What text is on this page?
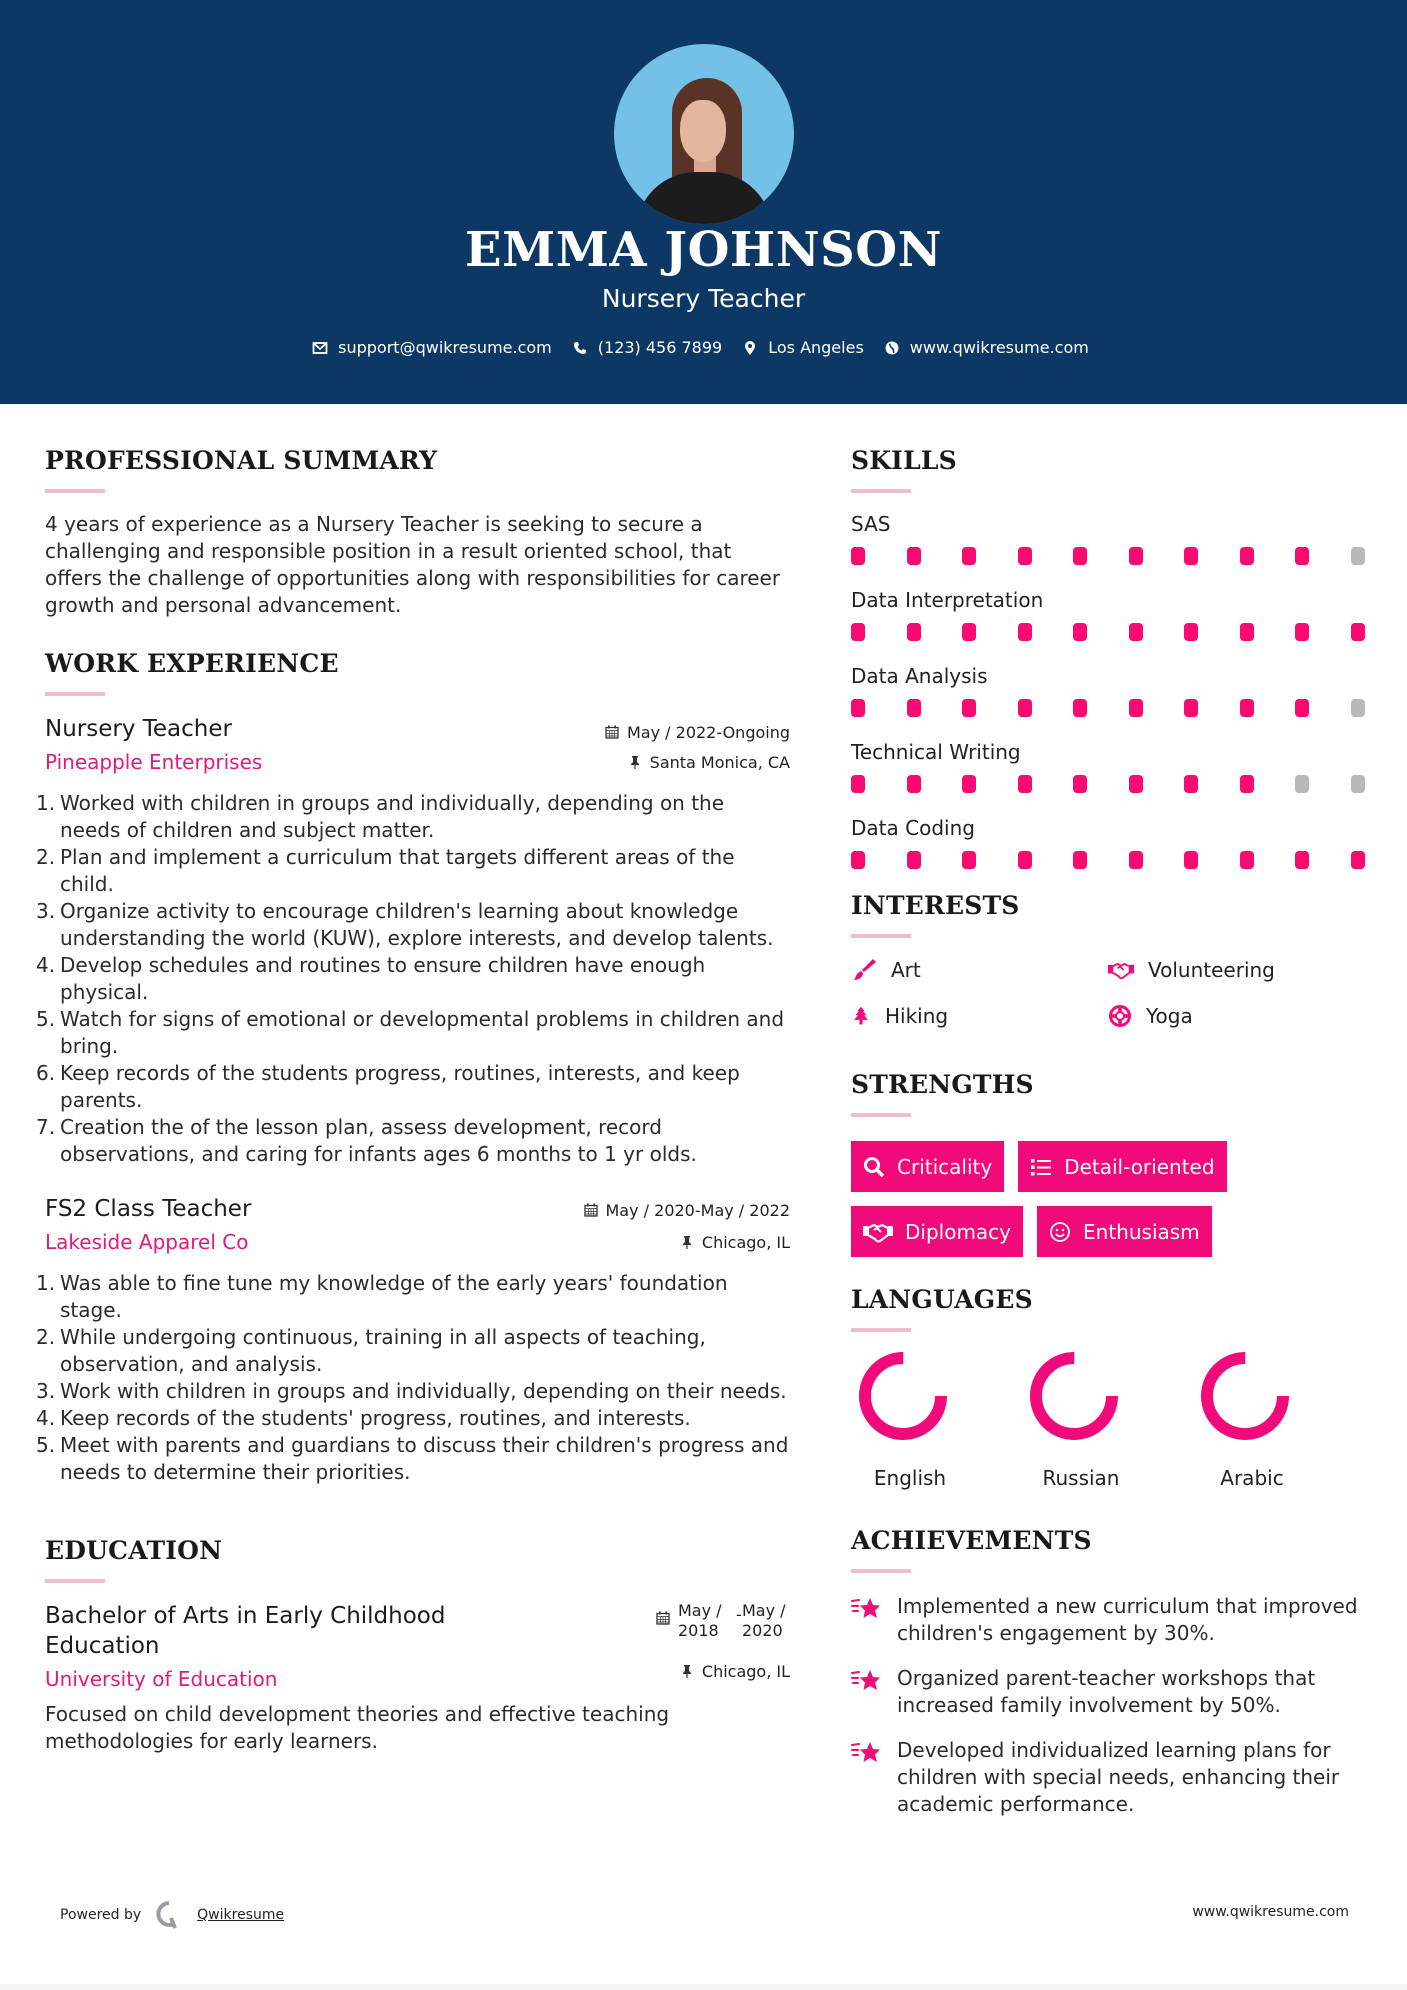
EMMA JOHNSON
Nursery Teacher
support@qwikresume.com	(123) 456 7899	Los Angeles	www.qwikresume.com
PROFESSIONAL SUMMARY

4 years of experience as a Nursery Teacher is seeking to secure a challenging and responsible position in a result oriented school, that offers the challenge of opportunities along with responsibilities for career growth and personal advancement.

WORK EXPERIENCE
Nursery Teacher
Pineapple Enterprises
May / 2022-Ongoing
Santa Monica, CA
1. Worked with children in groups and individually, depending on the needs of children and subject matter.
2. Plan and implement a curriculum that targets different areas of the child.
3. Organize activity to encourage children's learning about knowledge understanding the world (KUW), explore interests, and develop talents.
4. Develop schedules and routines to ensure children have enough physical.
5. Watch for signs of emotional or developmental problems in children and bring.
6. Keep records of the students progress, routines, interests, and keep parents.
7. Creation the of the lesson plan, assess development, record observations, and caring for infants ages 6 months to 1 yr olds.
FS2 Class Teacher
Lakeside Apparel Co
May / 2020-May / 2022
Chicago, IL
1. Was able to fine tune my knowledge of the early years' foundation stage.
2. While undergoing continuous, training in all aspects of teaching, observation, and analysis.
3. Work with children in groups and individually, depending on their needs.
4. Keep records of the students' progress, routines, and interests.
5. Meet with parents and guardians to discuss their children's progress and needs to determine their priorities.
EDUCATION
Bachelor of Arts in Early Childhood Education
University of Education
May /
2018
- May /
2020
Chicago, IL

Focused on child development theories and effective teaching methodologies for early learners.

SKILLS
SAS
Data Interpretation
Data Analysis
Technical Writing
Data Coding
INTERESTS
Art	Volunteering
Hiking	Yoga
STRENGTHS
Criticality	Detail-oriented
Diplomacy	Enthusiasm
LANGUAGES
English	Russian	Arabic
ACHIEVEMENTS
Implemented a new curriculum that improved children's engagement by 30%.
Organized parent-teacher workshops that increased family involvement by 50%.
Developed individualized learning plans for children with special needs, enhancing their academic performance.
Powered by	Qwikresume	www.qwikresume.com
